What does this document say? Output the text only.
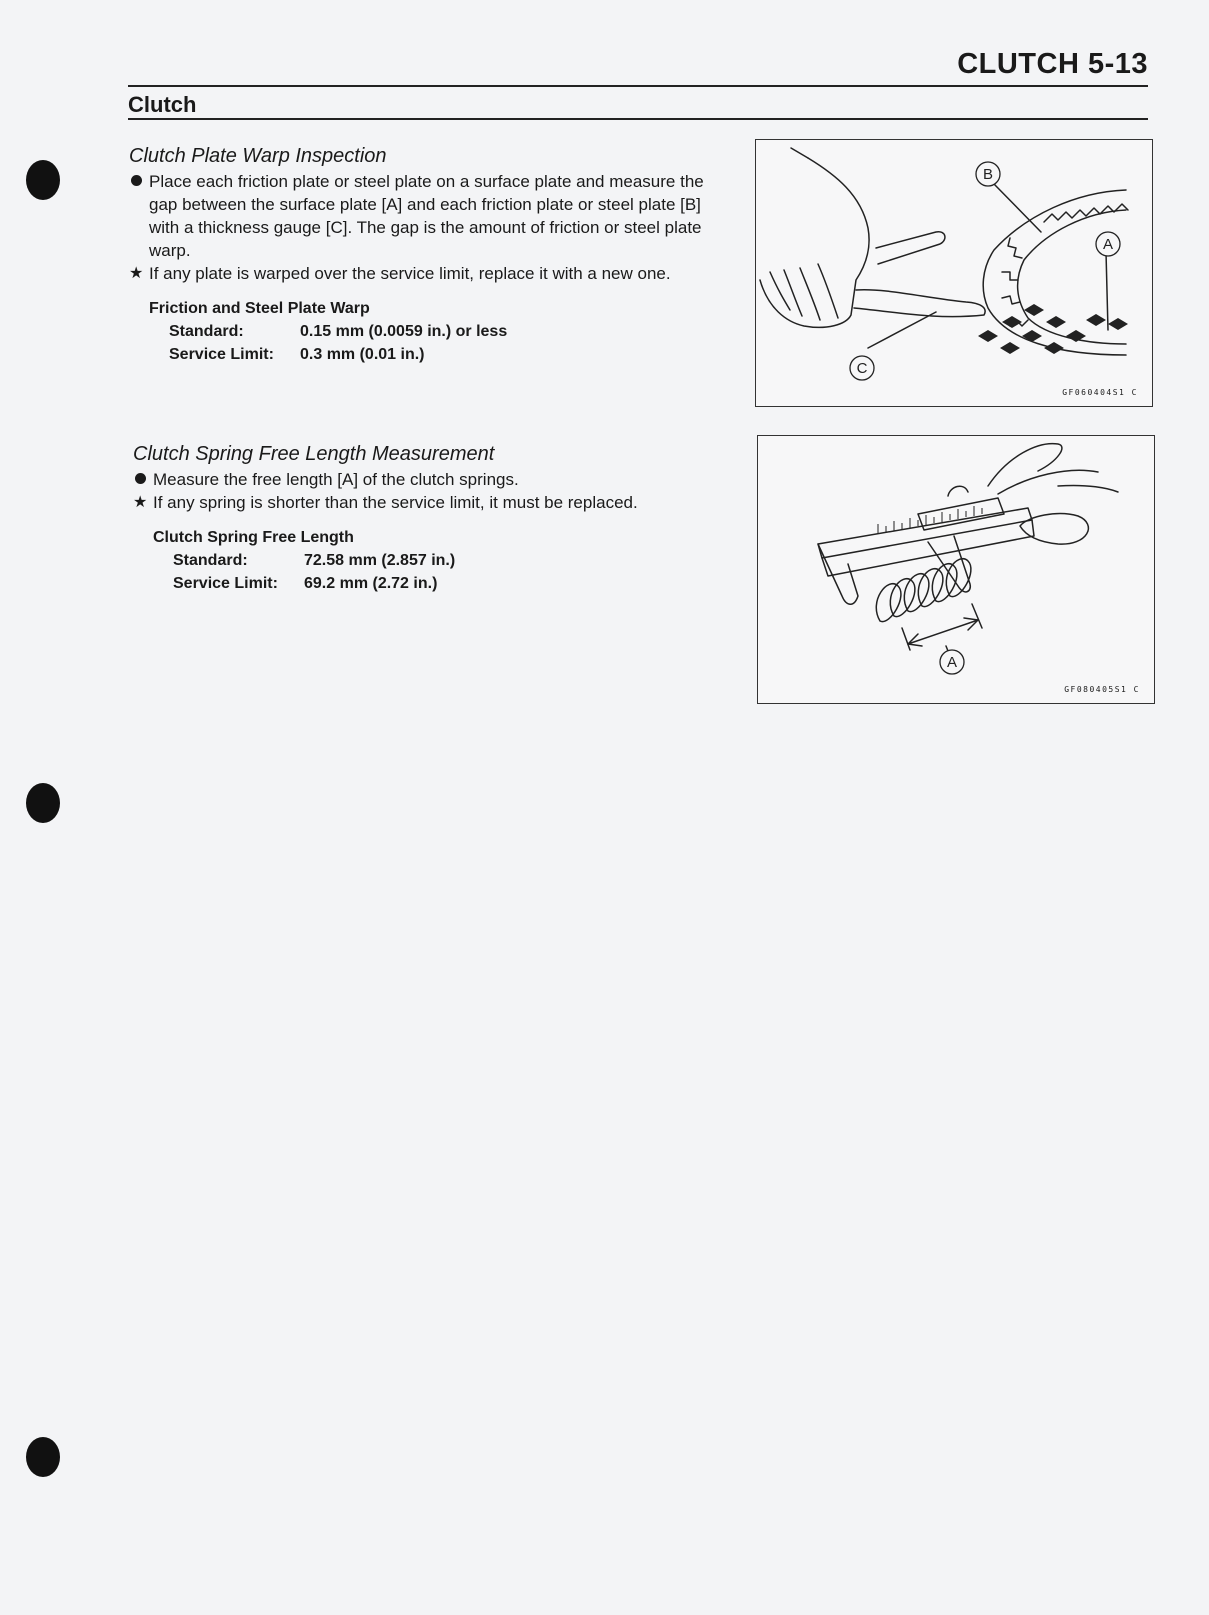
CLUTCH 5-13
Clutch
Clutch Plate Warp Inspection
Place each friction plate or steel plate on a surface plate and measure the gap between the surface plate [A] and each friction plate or steel plate [B] with a thickness gauge [C]. The gap is the amount of friction or steel plate warp.
★ If any plate is warped over the service limit, replace it with a new one.
Friction and Steel Plate Warp
Standard:	0.15 mm (0.0059 in.) or less
Service Limit:	0.3 mm (0.01 in.)
Clutch Spring Free Length Measurement
Measure the free length [A] of the clutch springs.
★ If any spring is shorter than the service limit, it must be replaced.
Clutch Spring Free Length
Standard:	72.58 mm (2.857 in.)
Service Limit:	69.2 mm (2.72 in.)
B
A
C
GF060404S1 C
A
GF080405S1 C
